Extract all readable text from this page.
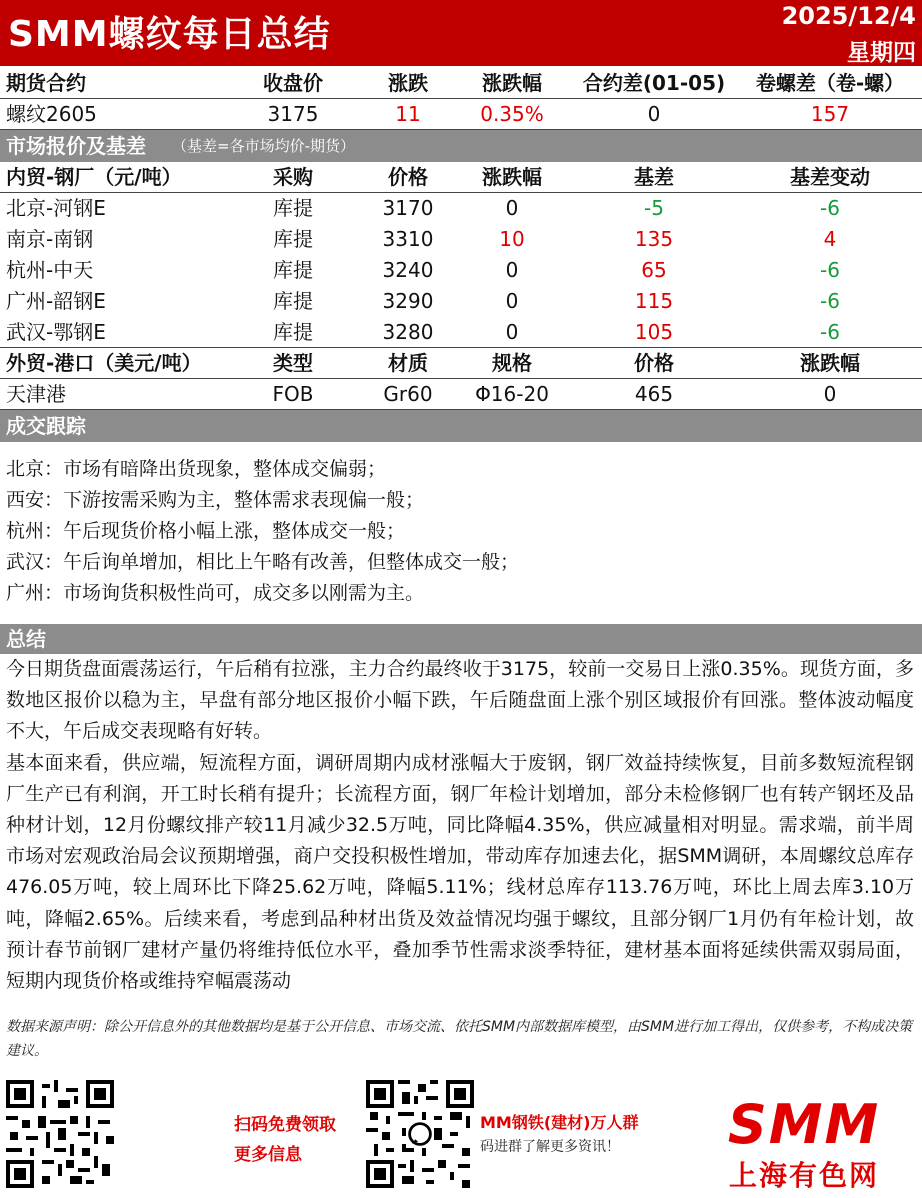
SMM螺纹每日总结	2025/12/4
星期四
期货合约	收盘价	涨跌	涨跌幅	合约差(01-05)	卷螺差（卷-螺）
螺纹2605	3175	11	0.35%	0	157
市场报价及基差 （基差=各市场均价-期货）
内贸-钢厂（元/吨）	采购	价格	涨跌幅	基差	基差变动
北京-河钢E	库提	3170	0	-5	-6
南京-南钢	库提	3310	10	135	4
杭州-中天	库提	3240	0	65	-6
广州-韶钢E	库提	3290	0	115	-6
武汉-鄂钢E	库提	3280	0	105	-6
外贸-港口（美元/吨）	类型	材质	规格	价格	涨跌幅
天津港	FOB	Gr60	Φ16-20	465	0
成交跟踪
北京：市场有暗降出货现象，整体成交偏弱；
西安：下游按需采购为主，整体需求表现偏一般；
杭州：午后现货价格小幅上涨，整体成交一般；
武汉：午后询单增加，相比上午略有改善，但整体成交一般；
广州：市场询货积极性尚可，成交多以刚需为主。
总结

今日期货盘面震荡运行，午后稍有拉涨，主力合约最终收于3175，较前一交易日上涨0.35%。现货方面，多数地区报价以稳为主，早盘有部分地区报价小幅下跌，午后随盘面上涨个别区域报价有回涨。整体波动幅度不大，午后成交表现略有好转。

基本面来看，供应端，短流程方面，调研周期内成材涨幅大于废钢，钢厂效益持续恢复，目前多数短流程钢厂生产已有利润，开工时长稍有提升；长流程方面，钢厂年检计划增加，部分未检修钢厂也有转产钢坯及品种材计划，12月份螺纹排产较11月减少32.5万吨，同比降幅4.35%，供应减量相对明显。需求端，前半周市场对宏观政治局会议预期增强，商户交投积极性增加，带动库存加速去化，据SMM调研，本周螺纹总库存476.05万吨，较上周环比下降25.62万吨，降幅5.11%；线材总库存113.76万吨，环比上周去库3.10万吨，降幅2.65%。后续来看，考虑到品种材出货及效益情况均强于螺纹，且部分钢厂1月仍有年检计划，故预计春节前钢厂建材产量仍将维持低位水平，叠加季节性需求淡季特征，建材基本面将延续供需双弱局面，短期内现货价格或维持窄幅震荡动

数据来源声明：除公开信息外的其他数据均是基于公开信息、市场交流、依托SMM内部数据库模型，由SMM进行加工得出，仅供参考，不构成决策建议。
扫码免费领取
更多信息
MM钢铁(建材)万人群
码进群了解更多资讯！	SMM
上海有色网
